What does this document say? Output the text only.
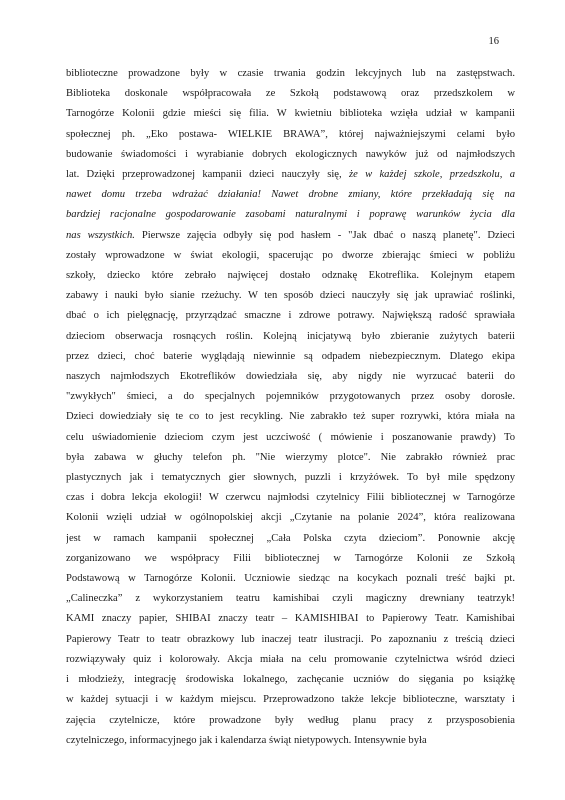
16
biblioteczne prowadzone były w czasie trwania godzin lekcyjnych lub na zastępstwach.
Biblioteka doskonale współpracowała ze Szkołą podstawową oraz przedszkolem w
Tarnogórze Kolonii gdzie mieści się filia. W kwietniu biblioteka wzięła udział w kampanii
społecznej ph. „Eko postawa- WIELKIE BRAWA”, której najważniejszymi celami było
budowanie świadomości i wyrabianie dobrych ekologicznych nawyków już od najmłodszych
lat. Dzięki przeprowadzonej kampanii dzieci nauczyły się, że w każdej szkole, przedszkolu, a
nawet domu trzeba wdrażać działania! Nawet drobne zmiany, które przekładają się na
bardziej racjonalne gospodarowanie zasobami naturalnymi i poprawę warunków życia dla
nas wszystkich. Pierwsze zajęcia odbyły się pod hasłem - "Jak dbać o naszą planetę". Dzieci
zostały wprowadzone w świat ekologii, spacerując po dworze zbierając śmieci w pobliżu
szkoły, dziecko które zebrało najwięcej dostało odznakę Ekotreflika. Kolejnym etapem
zabawy i nauki było sianie rzeżuchy. W ten sposób dzieci nauczyły się jak uprawiać roślinki,
dbać o ich pielęgnację, przyrządzać smaczne i zdrowe potrawy. Największą radość sprawiała
dzieciom obserwacja rosnących roślin. Kolejną inicjatywą było zbieranie zużytych baterii
przez dzieci, choć baterie wyglądają niewinnie są odpadem niebezpiecznym. Dlatego ekipa
naszych najmłodszych Ekotreflików dowiedziała się, aby nigdy nie wyrzucać baterii do
"zwykłych" śmieci, a do specjalnych pojemników przygotowanych przez osoby dorosłe.
Dzieci dowiedziały się te co to jest recykling. Nie zabrakło też super rozrywki, która miała na
celu uświadomienie dzieciom czym jest uczciwość ( mówienie i poszanowanie prawdy) To
była zabawa w głuchy telefon ph. "Nie wierzymy plotce". Nie zabrakło również prac
plastycznych jak i tematycznych gier słownych, puzzli i krzyżówek. To był mile spędzony
czas i dobra lekcja ekologii! W czerwcu najmłodsi czytelnicy Filii bibliotecznej w Tarnogórze
Kolonii wzięli udział w ogólnopolskiej akcji „Czytanie na polanie 2024”, która realizowana
jest w ramach kampanii społecznej „Cała Polska czyta dzieciom”. Ponownie akcję
zorganizowano we współpracy Filii bibliotecznej w Tarnogórze Kolonii ze Szkołą
Podstawową w Tarnogórze Kolonii. Uczniowie siedząc na kocykach poznali treść bajki pt.
„Calineczka” z wykorzystaniem teatru kamishibai czyli magiczny drewniany teatrzyk!
KAMI znaczy papier, SHIBAI znaczy teatr – KAMISHIBAI to Papierowy Teatr. Kamishibai
Papierowy Teatr to teatr obrazkowy lub inaczej teatr ilustracji. Po zapoznaniu z treścią dzieci
rozwiązywały quiz i kolorowały. Akcja miała na celu promowanie czytelnictwa wśród dzieci
i młodzieży, integrację środowiska lokalnego, zachęcanie uczniów do sięgania po książkę
w każdej sytuacji i w każdym miejscu. Przeprowadzono także lekcje biblioteczne, warsztaty i
zajęcia czytelnicze, które prowadzone były według planu pracy z przysposobienia
czytelniczego, informacyjnego jak i kalendarza świąt nietypowych. Intensywnie była
